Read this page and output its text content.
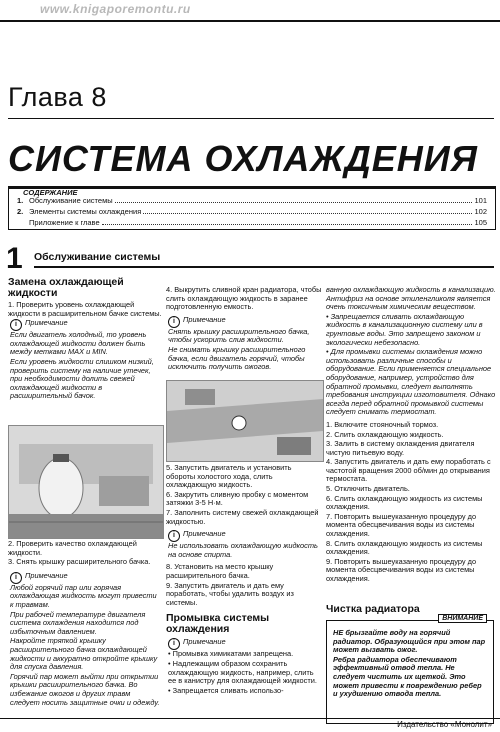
www.knigaporemontu.ru
Глава 8
СИСТЕМА ОХЛАЖДЕНИЯ
СОДЕРЖАНИЕ
1. Обслуживание системы	101
2. Элементы системы охлаждения	102
Приложение к главе	105
1 Обслуживание системы
Замена охлаждающей жидкости

1. Проверить уровень охлаждающей жидкости в расширительном бачке системы.

i Примечание

Если двигатель холодный, то уровень охлаждающей жидкости должен быть между метками MAX и MIN.

Если уровень жидкости слишком низкий, проверить систему на наличие утечек, при необходимости долить свежей охлаждающей жидкости в расширительный бачок.

2. Проверить качество охлаждающей жидкости.

3. Снять крышку расширительного бачка.

i Примечание

Любой горячий пар или горячая охлаждающая жидкость могут привести к травмам.

При рабочей температуре двигателя система охлаждения находится под избыточным давлением.

Накройте тряпкой крышку расширительного бачка охлаждающей жидкости и аккуратно откройте крышку для спуска давления.

Горячий пар может выйти при открытии крышки расширительного бачка. Во избежание ожогов и других травм следует носить защитные очки и одежду.

4. Выкрутить сливной кран радиатора, чтобы слить охлаждающую жидкость в заранее подготовленную емкость.

i Примечание

Снять крышку расширительного бачка, чтобы ускорить слив жидкости.

Не снимать крышку расширительного бачка, если двигатель горячий, чтобы исключить получить ожогов.

5. Запустить двигатель и установить обороты холостого хода, слить охлаждающую жидкость.

6. Закрутить сливную пробку с моментом затяжки 3-5 Н·м.

7. Заполнить систему свежей охлаждающей жидкостью.

i Примечание

Не использовать охлаждающую жидкость на основе спирта.

8. Установить на место крышку расширительного бачка.

9. Запустить двигатель и дать ему поработать, чтобы удалить воздух из системы.

Промывка системы охлаждения
i Примечание

• Промывка химикатами запрещена.

• Надлежащим образом сохранить охлаждающую жидкость, например, слить ее в канистру для охлаждающей жидкости.

• Запрещается сливать использо-

ванную охлаждающую жидкость в канализацию. Антифриз на основе этиленгликоля является очень токсичным химическим веществом.

• Запрещается сливать охлаждающую жидкость в канализационную систему или в грунтовые воды. Это запрещено законом и экологически небезопасно.

• Для промывки системы охлаждения можно использовать различные способы и оборудование. Если применяется специальное оборудование, например, устройство для обратной промывки, следует выполнять требования инструкции изготовителя. Однако всегда перед обратной промывкой системы следует снимать термостат.

1. Включите стояночный тормоз.

2. Слить охлаждающую жидкость.

3. Залить в систему охлаждения двигателя чистую питьевую воду.

4. Запустить двигатель и дать ему поработать с частотой вращения 2000 об/мин до открывания термостата.

5. Отключить двигатель.

6. Слить охлаждающую жидкость из системы охлаждения.

7. Повторить вышеуказанную процедуру до момента обесцвечивания воды из системы охлаждения.

8. Слить охлаждающую жидкость из системы охлаждения.

9. Повторить вышеуказанную процедуру до момента обесцвечивания воды из системы охлаждения.

Чистка радиатора
ВНИМАНИЕ

НЕ брызгайте воду на горячий радиатор. Образующийся при этом пар может вызвать ожог.

Ребра радиатора обеспечивают эффективный отвод тепла. Не следует чистить их щеткой. Это может привести к повреждению ребер и ухудшению отвода тепла.

Издательство «Монолит»
